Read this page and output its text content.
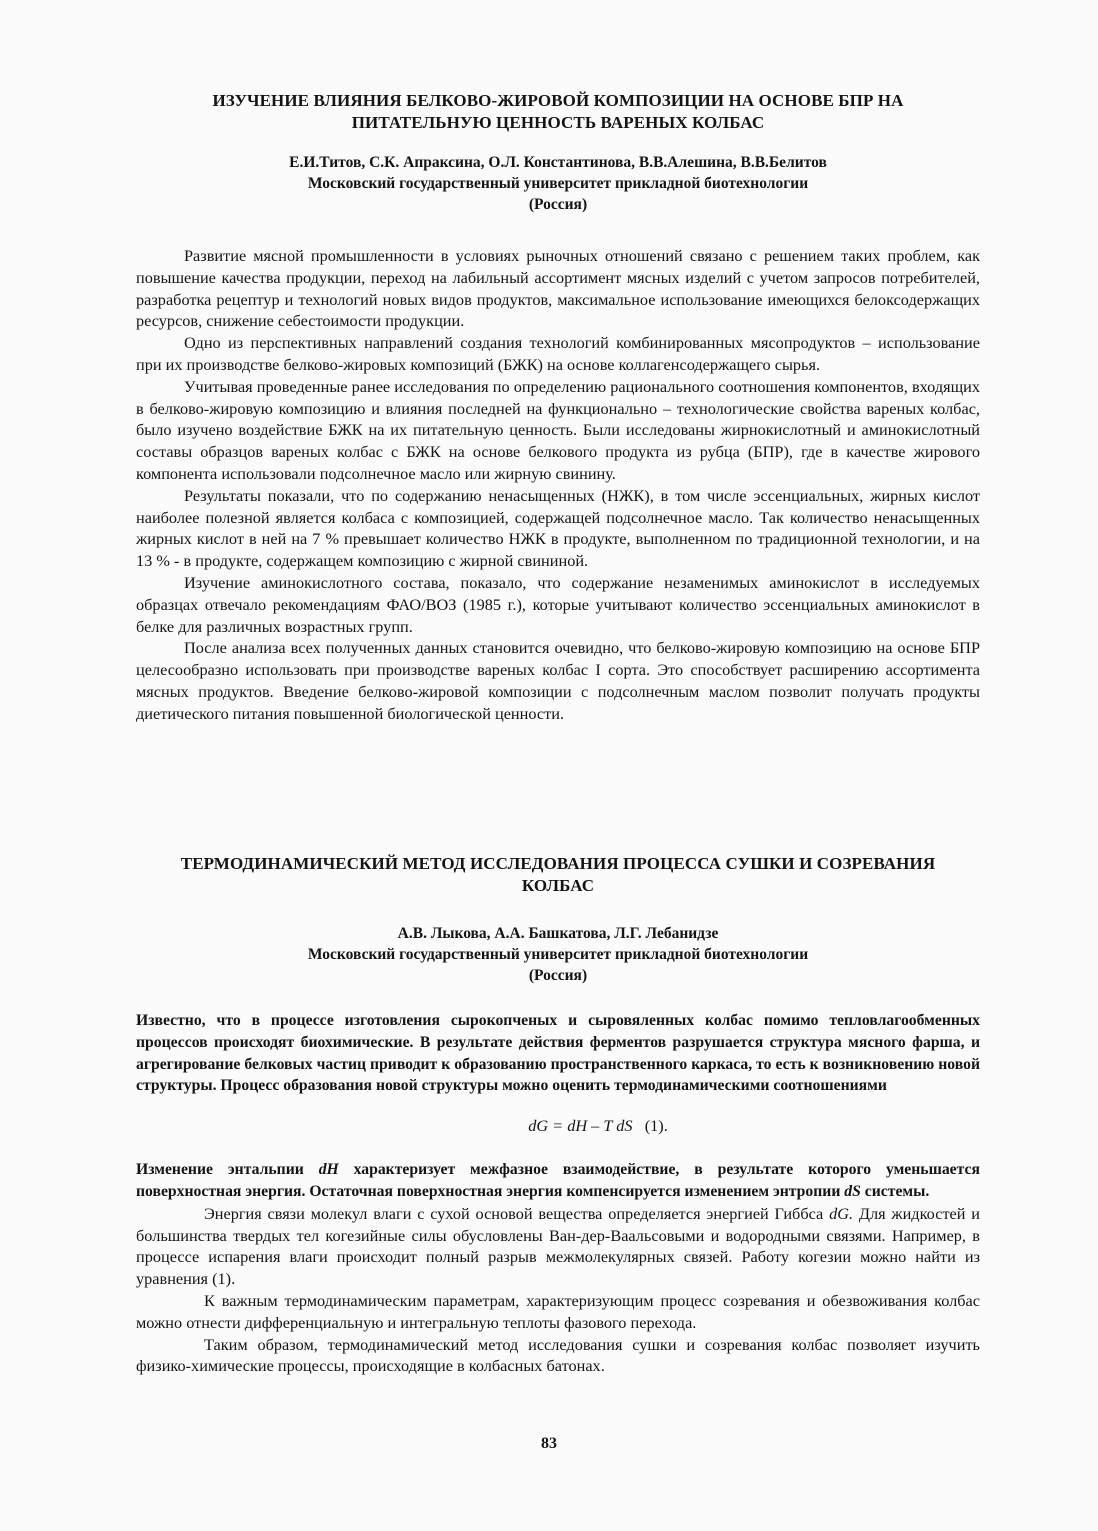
ИЗУЧЕНИЕ ВЛИЯНИЯ БЕЛКОВО-ЖИРОВОЙ КОМПОЗИЦИИ НА ОСНОВЕ БПР НА

ПИТАТЕЛЬНУЮ ЦЕННОСТЬ ВАРЕНЫХ КОЛБАС

Е.И.Титов, С.К. Апраксина, О.Л. Константинова, В.В.Алешина, В.В.Белитов

Московский государственный университет прикладной биотехнологии

(Россия)

Развитие мясной промышленности в условиях рыночных отношений связано с решением таких проблем, как повышение качества продукции, переход на лабильный ассортимент мясных изделий с учетом запросов потребителей, разработка рецептур и технологий новых видов продуктов, максимальное использование имеющихся белоксодержащих ресурсов, снижение себестоимости продукции.

Одно из перспективных направлений создания технологий комбинированных мясопродуктов – использование при их производстве белково-жировых композиций (БЖК) на основе коллагенсодержащего сырья.

Учитывая проведенные ранее исследования по определению рационального соотношения компонентов, входящих в белково-жировую композицию и влияния последней на функционально – технологические свойства вареных колбас, было изучено воздействие БЖК на их питательную ценность. Были исследованы жирнокислотный и аминокислотный составы образцов вареных колбас с БЖК на основе белкового продукта из рубца (БПР), где в качестве жирового компонента использовали подсолнечное масло или жирную свинину.

Результаты показали, что по содержанию ненасыщенных (НЖК), в том числе эссенциальных, жирных кислот наиболее полезной является колбаса с композицией, содержащей подсолнечное масло. Так количество ненасыщенных жирных кислот в ней на 7 % превышает количество НЖК в продукте, выполненном по традиционной технологии, и на 13 % - в продукте, содержащем композицию с жирной свининой.

Изучение аминокислотного состава, показало, что содержание незаменимых аминокислот в исследуемых образцах отвечало рекомендациям ФАО/ВОЗ (1985 г.), которые учитывают количество эссенциальных аминокислот в белке для различных возрастных групп.

После анализа всех полученных данных становится очевидно, что белково-жировую композицию на основе БПР целесообразно использовать при производстве вареных колбас I сорта. Это способствует расширению ассортимента мясных продуктов. Введение белково-жировой композиции с подсолнечным маслом позволит получать продукты диетического питания повышенной биологической ценности.

ТЕРМОДИНАМИЧЕСКИЙ МЕТОД ИССЛЕДОВАНИЯ ПРОЦЕССА СУШКИ И СОЗРЕВАНИЯ

КОЛБАС

А.В. Лыкова, А.А. Башкатова, Л.Г. Лебанидзе

Московский государственный университет прикладной биотехнологии

(Россия)

Известно, что в процессе изготовления сырокопченых и сыровяленных колбас помимо тепловлагообменных процессов происходят биохимические. В результате действия ферментов разрушается структура мясного фарша, и агрегирование белковых частиц приводит к образованию пространственного каркаса, то есть к возникновению новой структуры. Процесс образования новой структуры можно оценить термодинамическими соотношениями

dG = dH – T dS (1).

Изменение энтальпии dH характеризует межфазное взаимодействие, в результате которого уменьшается поверхностная энергия. Остаточная поверхностная энергия компенсируется изменением энтропии dS системы.

Энергия связи молекул влаги с сухой основой вещества определяется энергией Гиббса dG. Для жидкостей и большинства твердых тел когезийные силы обусловлены Ван-дер-Ваальсовыми и водородными связями. Например, в процессе испарения влаги происходит полный разрыв межмолекулярных связей. Работу когезии можно найти из уравнения (1).

К важным термодинамическим параметрам, характеризующим процесс созревания и обезвоживания колбас можно отнести дифференциальную и интегральную теплоты фазового перехода.

Таким образом, термодинамический метод исследования сушки и созревания колбас позволяет изучить физико-химические процессы, происходящие в колбасных батонах.

83
